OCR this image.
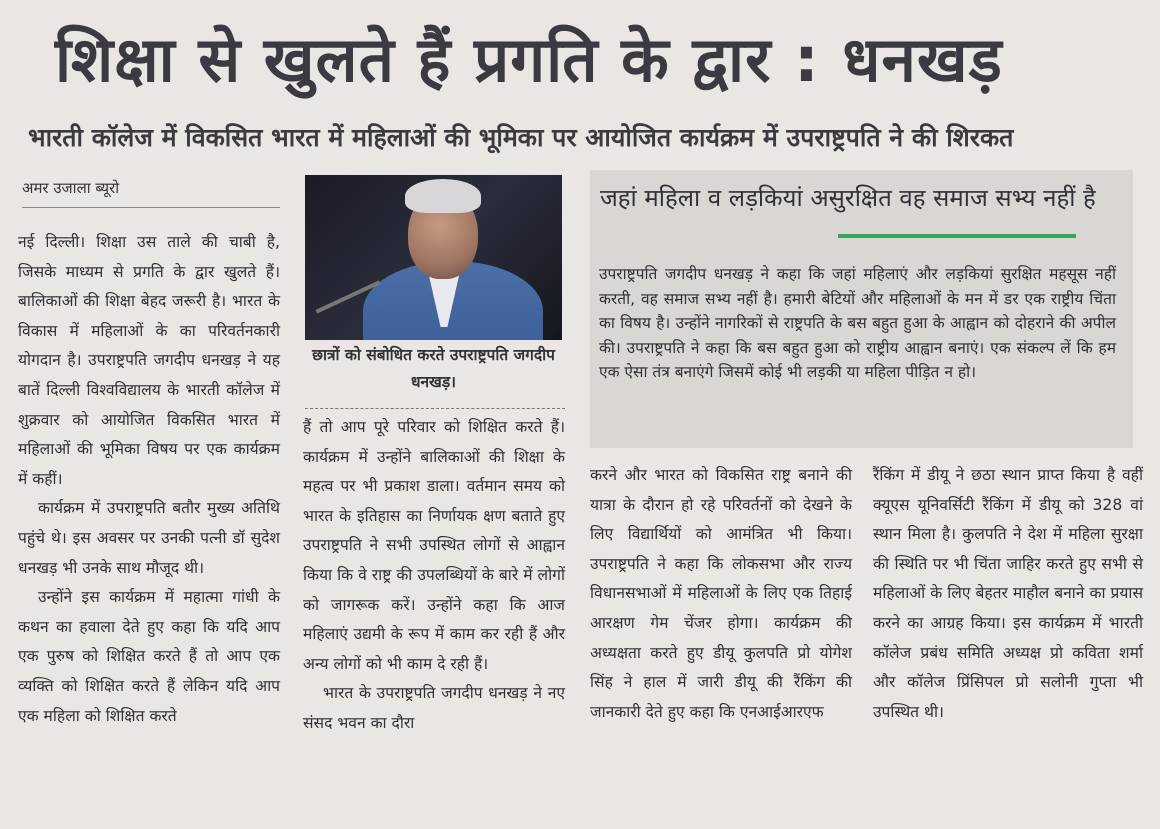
शिक्षा से खुलते हैं प्रगति के द्वार : धनखड़
भारती कॉलेज में विकसित भारत में महिलाओं की भूमिका पर आयोजित कार्यक्रम में उपराष्ट्रपति ने की शिरकत
अमर उजाला ब्यूरो

नई दिल्ली। शिक्षा उस ताले की चाबी है, जिसके माध्यम से प्रगति के द्वार खुलते हैं। बालिकाओं की शिक्षा बेहद जरूरी है। भारत के विकास में महिलाओं के का परिवर्तनकारी योगदान है। उपराष्ट्रपति जगदीप धनखड़ ने यह बातें दिल्ली विश्वविद्यालय के भारती कॉलेज में शुक्रवार को आयोजित विकसित भारत में महिलाओं की भूमिका विषय पर एक कार्यक्रम में कहीं।

कार्यक्रम में उपराष्ट्रपति बतौर मुख्य अतिथि पहुंचे थे। इस अवसर पर उनकी पत्नी डॉ सुदेश धनखड़ भी उनके साथ मौजूद थी।

उन्होंने इस कार्यक्रम में महात्मा गांधी के कथन का हवाला देते हुए कहा कि यदि आप एक पुरुष को शिक्षित करते हैं तो आप एक व्यक्ति को शिक्षित करते हैं लेकिन यदि आप एक महिला को शिक्षित करते

छात्रों को संबोधित करते उपराष्ट्रपति जगदीप धनखड़।

हैं तो आप पूरे परिवार को शिक्षित करते हैं। कार्यक्रम में उन्होंने बालिकाओं की शिक्षा के महत्व पर भी प्रकाश डाला। वर्तमान समय को भारत के इतिहास का निर्णायक क्षण बताते हुए उपराष्ट्रपति ने सभी उपस्थित लोगों से आह्वान किया कि वे राष्ट्र की उपलब्धियों के बारे में लोगों को जागरूक करें। उन्होंने कहा कि आज महिलाएं उद्यमी के रूप में काम कर रही हैं और अन्य लोगों को भी काम दे रही हैं।

भारत के उपराष्ट्रपति जगदीप धनखड़ ने नए संसद भवन का दौरा

जहां महिला व लड़कियां असुरक्षित वह समाज सभ्य नहीं है

उपराष्ट्रपति जगदीप धनखड़ ने कहा कि जहां महिलाएं और लड़कियां सुरक्षित महसूस नहीं करती, वह समाज सभ्य नहीं है। हमारी बेटियों और महिलाओं के मन में डर एक राष्ट्रीय चिंता का विषय है। उन्होंने नागरिकों से राष्ट्रपति के बस बहुत हुआ के आह्वान को दोहराने की अपील की। उपराष्ट्रपति ने कहा कि बस बहुत हुआ को राष्ट्रीय आह्वान बनाएं। एक संकल्प लें कि हम एक ऐसा तंत्र बनाएंगे जिसमें कोई भी लड़की या महिला पीड़ित न हो।

करने और भारत को विकसित राष्ट्र बनाने की यात्रा के दौरान हो रहे परिवर्तनों को देखने के लिए विद्यार्थियों को आमंत्रित भी किया। उपराष्ट्रपति ने कहा कि लोकसभा और राज्य विधानसभाओं में महिलाओं के लिए एक तिहाई आरक्षण गेम चेंजर होगा। कार्यक्रम की अध्यक्षता करते हुए डीयू कुलपति प्रो योगेश सिंह ने हाल में जारी डीयू की रैंकिंग की जानकारी देते हुए कहा कि एनआईआरएफ

रैंकिंग में डीयू ने छठा स्थान प्राप्त किया है वहीं क्यूएस यूनिवर्सिटी रैंकिंग में डीयू को 328 वां स्थान मिला है। कुलपति ने देश में महिला सुरक्षा की स्थिति पर भी चिंता जाहिर करते हुए सभी से महिलाओं के लिए बेहतर माहौल बनाने का प्रयास करने का आग्रह किया। इस कार्यक्रम में भारती कॉलेज प्रबंध समिति अध्यक्ष प्रो कविता शर्मा और कॉलेज प्रिंसिपल प्रो सलोनी गुप्ता भी उपस्थित थी।
